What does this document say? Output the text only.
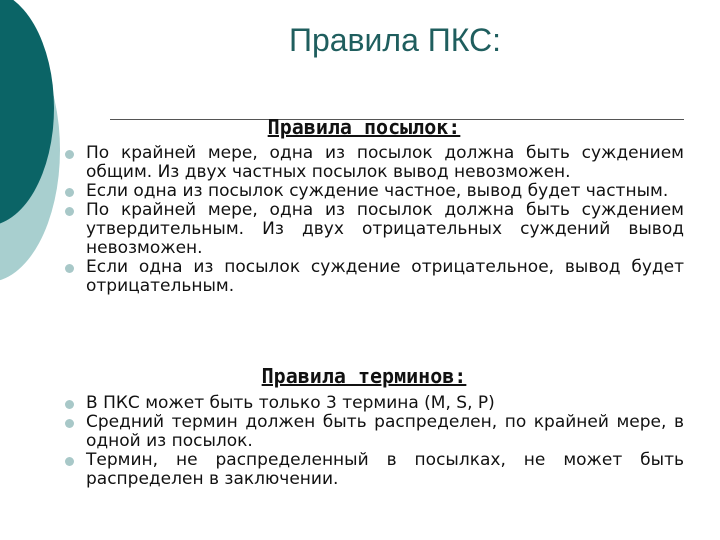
Правила ПКС:
Правила посылок:
По крайней мере, одна из посылок должна быть суждением общим. Из двух частных посылок вывод невозможен.
Если одна из посылок суждение частное, вывод будет частным.
По крайней мере, одна из посылок должна быть суждением утвердительным. Из двух отрицательных суждений вывод невозможен.
Если одна из посылок суждение отрицательное, вывод будет отрицательным.
Правила терминов:
В ПКС может быть только 3 термина (M, S, P)
Средний термин должен быть распределен, по крайней мере, в одной из посылок.
Термин, не распределенный в посылках, не может быть распределен в заключении.
